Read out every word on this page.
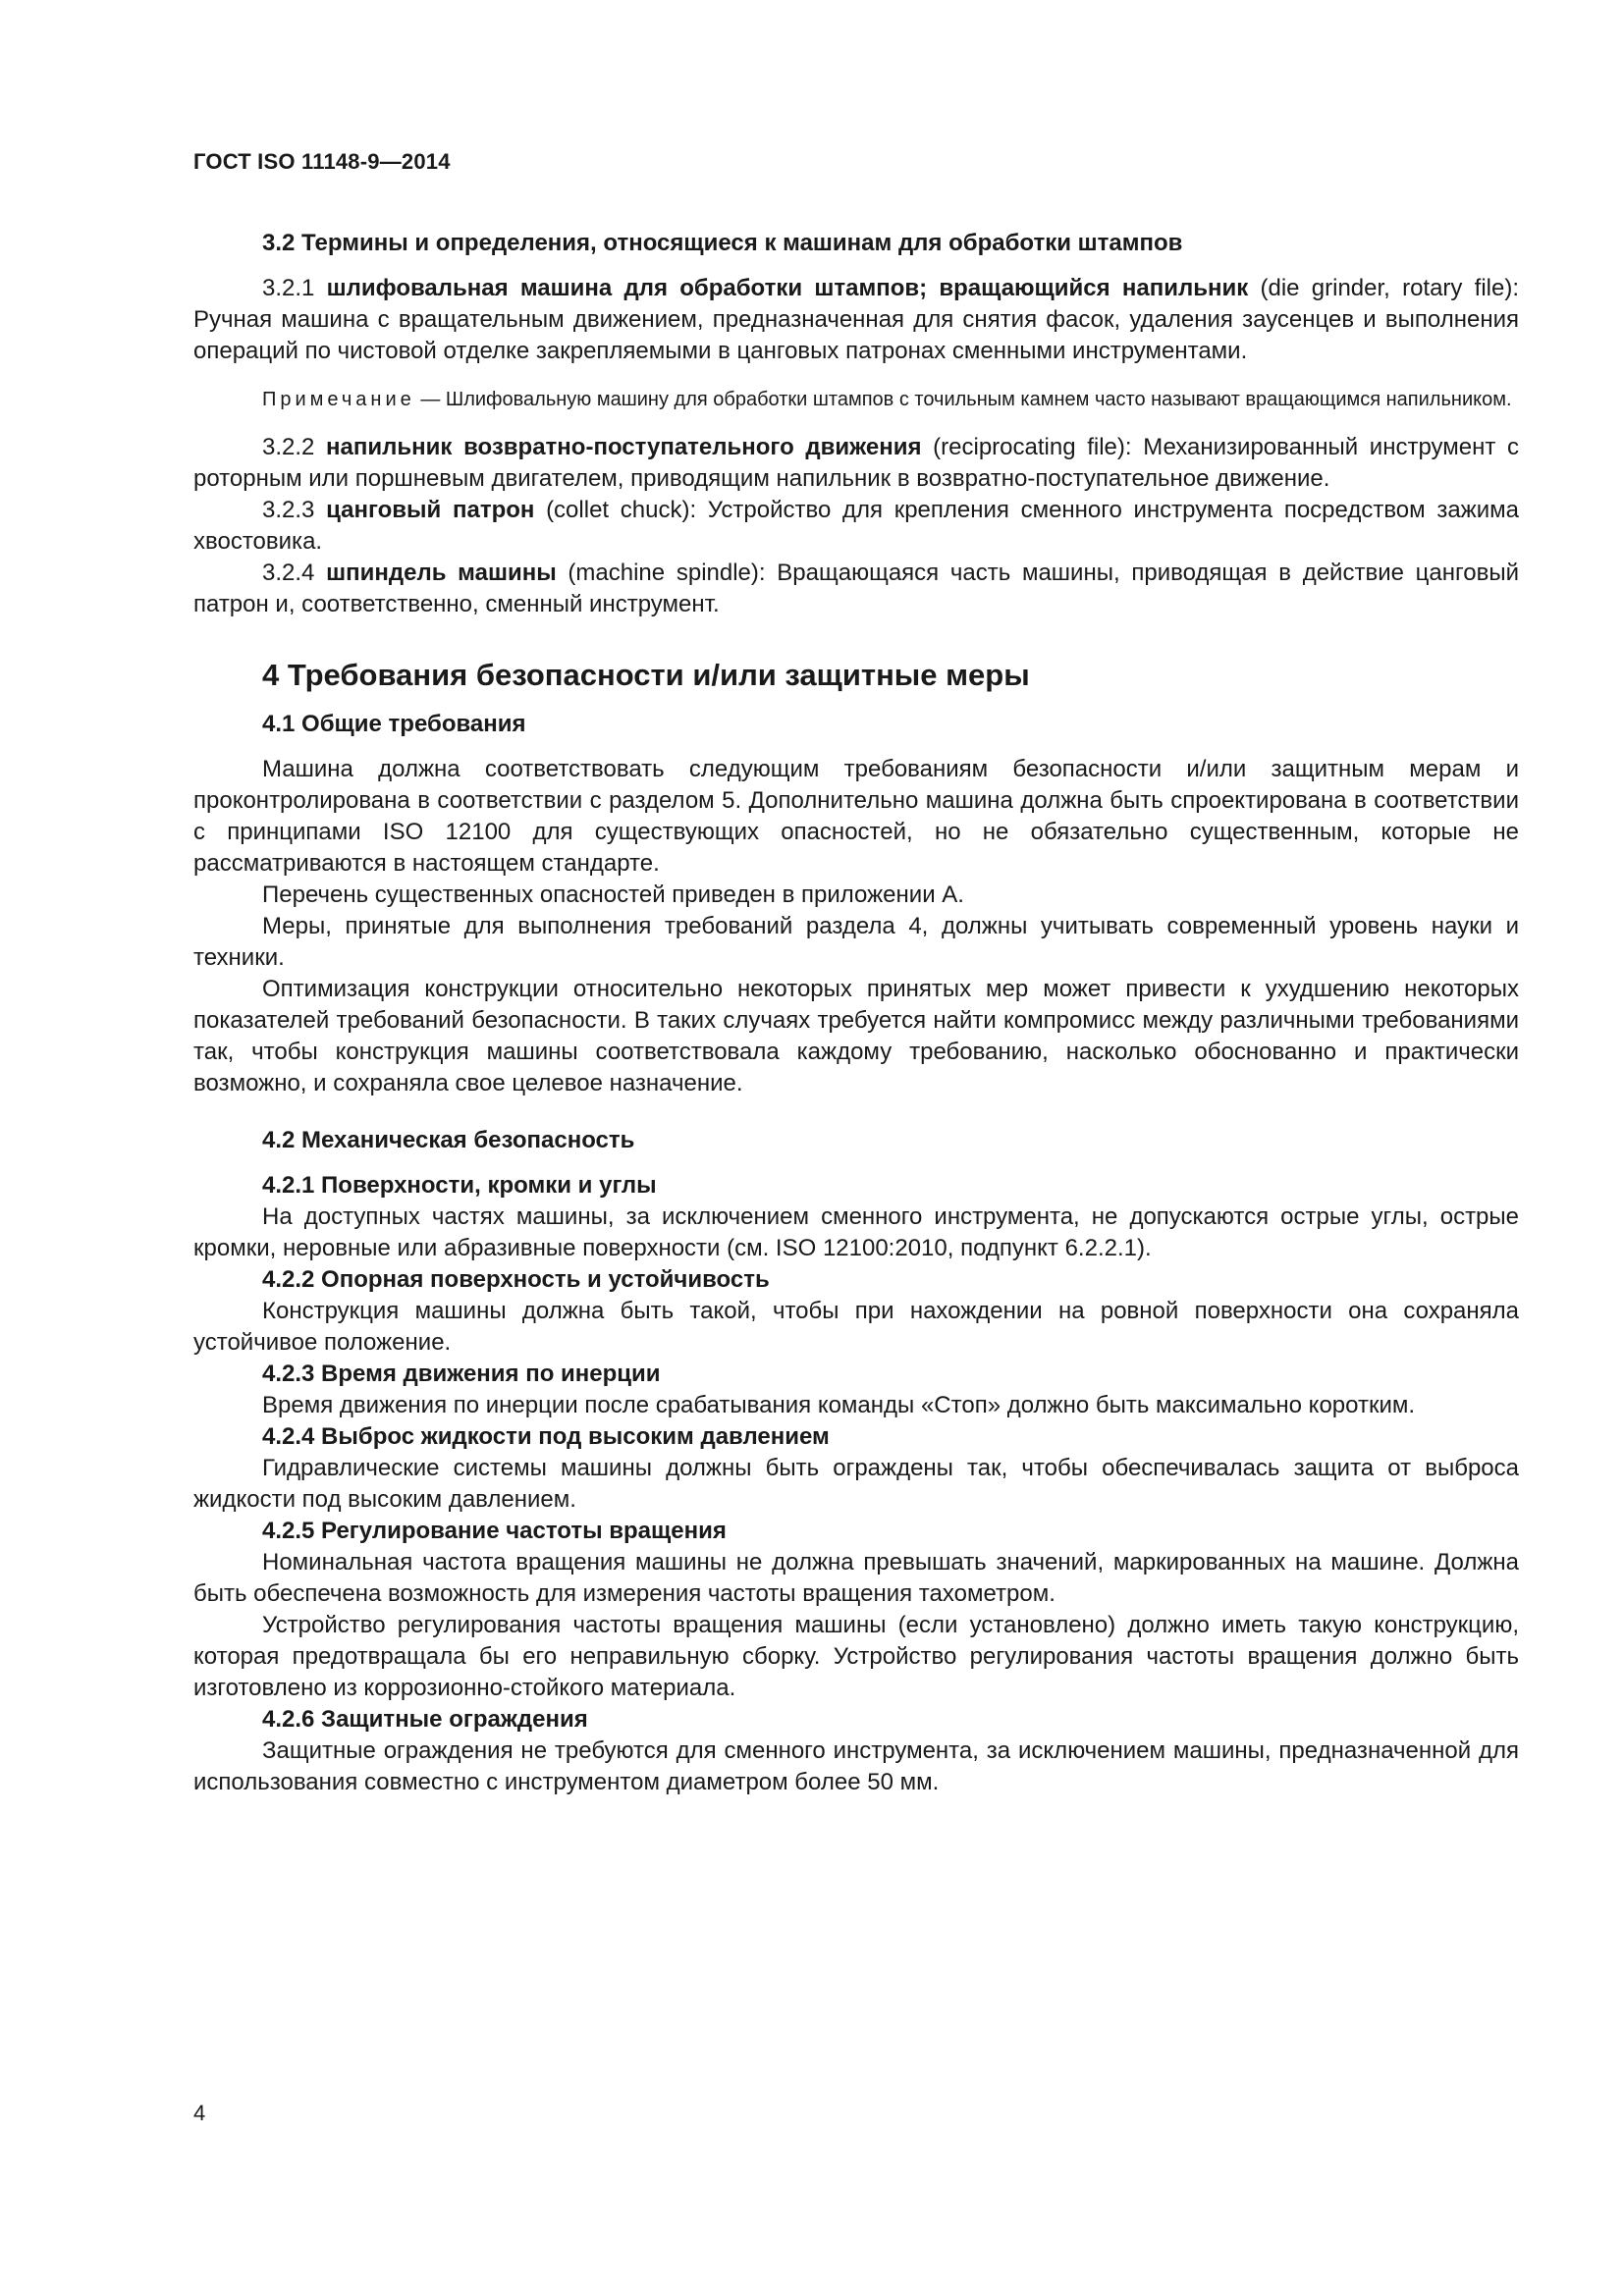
ГОСТ ISO 11148-9—2014

3.2 Термины и определения, относящиеся к машинам для обработки штампов

3.2.1 шлифовальная машина для обработки штампов; вращающийся напильник (die grinder, rotary file): Ручная машина с вращательным движением, предназначенная для снятия фасок, удаления заусенцев и выполнения операций по чистовой отделке закрепляемыми в цанговых патронах сменными инструментами.

Примечание — Шлифовальную машину для обработки штампов с точильным камнем часто называют вращающимся напильником.

3.2.2 напильник возвратно-поступательного движения (reciprocating file): Механизированный инструмент с роторным или поршневым двигателем, приводящим напильник в возвратно-поступательное движение.

3.2.3 цанговый патрон (collet chuck): Устройство для крепления сменного инструмента посредством зажима хвостовика.

3.2.4 шпиндель машины (machine spindle): Вращающаяся часть машины, приводящая в действие цанговый патрон и, соответственно, сменный инструмент.

4 Требования безопасности и/или защитные меры

4.1 Общие требования

Машина должна соответствовать следующим требованиям безопасности и/или защитным мерам и проконтролирована в соответствии с разделом 5. Дополнительно машина должна быть спроектирована в соответствии с принципами ISO 12100 для существующих опасностей, но не обязательно существенным, которые не рассматриваются в настоящем стандарте.

Перечень существенных опасностей приведен в приложении А.

Меры, принятые для выполнения требований раздела 4, должны учитывать современный уровень науки и техники.

Оптимизация конструкции относительно некоторых принятых мер может привести к ухудшению некоторых показателей требований безопасности. В таких случаях требуется найти компромисс между различными требованиями так, чтобы конструкция машины соответствовала каждому требованию, насколько обоснованно и практически возможно, и сохраняла свое целевое назначение.

4.2 Механическая безопасность

4.2.1 Поверхности, кромки и углы

На доступных частях машины, за исключением сменного инструмента, не допускаются острые углы, острые кромки, неровные или абразивные поверхности (см. ISO 12100:2010, подпункт 6.2.2.1).

4.2.2 Опорная поверхность и устойчивость

Конструкция машины должна быть такой, чтобы при нахождении на ровной поверхности она сохраняла устойчивое положение.

4.2.3 Время движения по инерции

Время движения по инерции после срабатывания команды «Стоп» должно быть максимально коротким.

4.2.4 Выброс жидкости под высоким давлением

Гидравлические системы машины должны быть ограждены так, чтобы обеспечивалась защита от выброса жидкости под высоким давлением.

4.2.5 Регулирование частоты вращения

Номинальная частота вращения машины не должна превышать значений, маркированных на машине. Должна быть обеспечена возможность для измерения частоты вращения тахометром.

Устройство регулирования частоты вращения машины (если установлено) должно иметь такую конструкцию, которая предотвращала бы его неправильную сборку. Устройство регулирования частоты вращения должно быть изготовлено из коррозионно-стойкого материала.

4.2.6 Защитные ограждения

Защитные ограждения не требуются для сменного инструмента, за исключением машины, предназначенной для использования совместно с инструментом диаметром более 50 мм.

4
